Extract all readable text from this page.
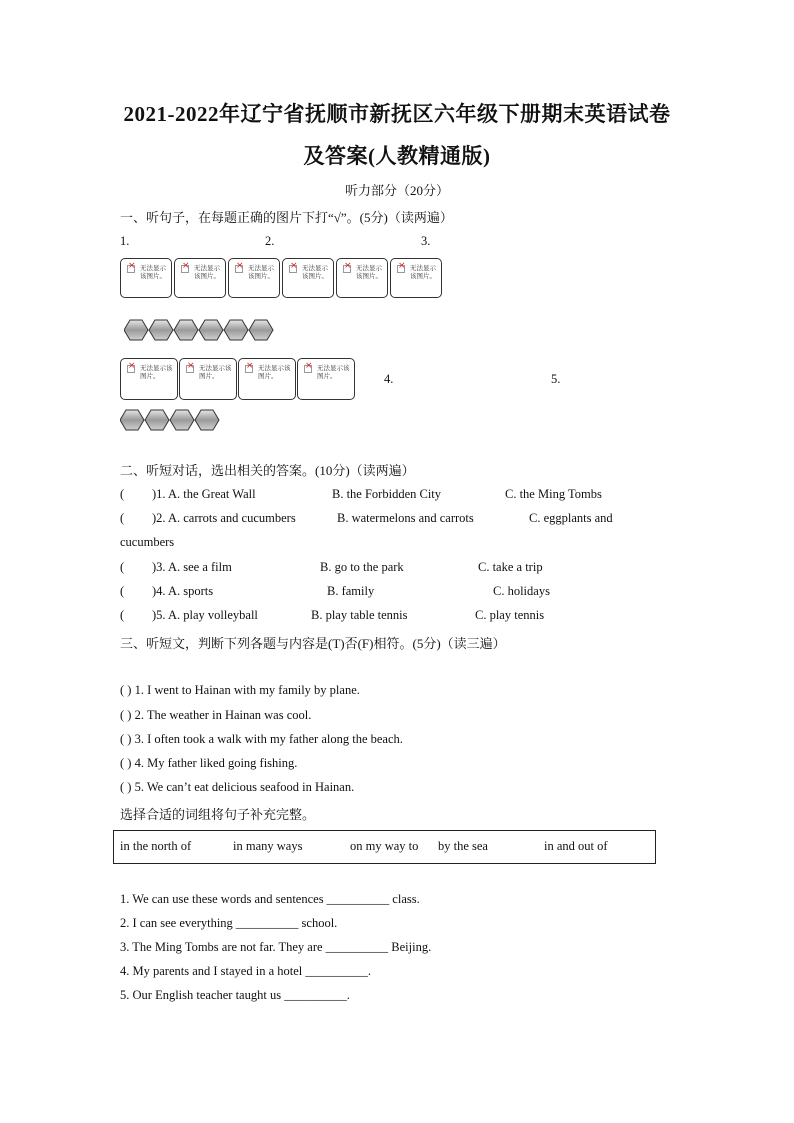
2021-2022年辽宁省抚顺市新抚区六年级下册期末英语试卷
及答案(人教精通版)
听力部分（20分）
一、听句子，在每题正确的图片下打“√”。(5分)（读两遍）
1.	2.	3.
×
无法显示该图片。
×
无法显示该图片。
×
无法显示该图片。
×
无法显示该图片。
×
无法显示该图片。
×
无法显示该图片。
×
无法显示该图片。
×
无法显示该图片。
×
无法显示该图片。
×
无法显示该图片。	4.	5.
二、听短对话，选出相关的答案。(10分)（读两遍）
( )1. A. the Great Wall	B. the Forbidden City	C. the Ming Tombs
( )2. A. carrots and cucumbers	B. watermelons and carrots	C. eggplants and
cucumbers
( )3. A. see a film	B. go to the park	C. take a trip
( )4. A. sports	B. family	C. holidays
( )5. A. play volleyball	B. play table tennis	C. play tennis
三、听短文，判断下列各题与内容是(T)否(F)相符。(5分)（读三遍）
( ) 1. I went to Hainan with my family by plane.
( ) 2. The weather in Hainan was cool.
( ) 3. I often took a walk with my father along the beach.
( ) 4. My father liked going fishing.
( ) 5. We can’t eat delicious seafood in Hainan.
选择合适的词组将句子补充完整。
in the north of	in many ways	on my way to by the sea	in and out of
1. We can use these words and sentences __________ class.
2. I can see everything __________ school.
3. The Ming Tombs are not far. They are __________ Beijing.
4. My parents and I stayed in a hotel __________.
5. Our English teacher taught us __________.
